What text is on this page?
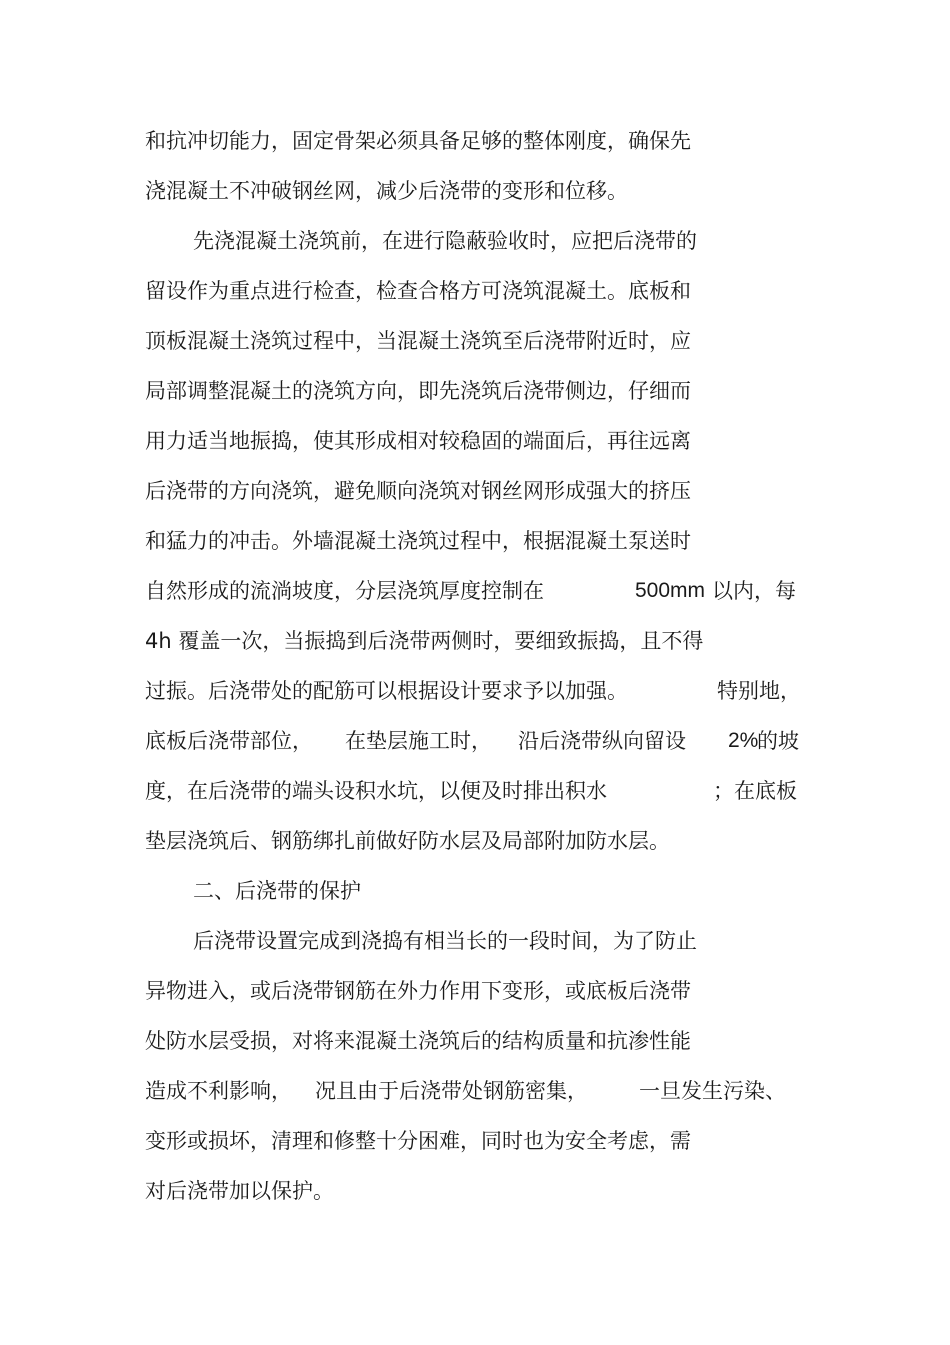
和抗冲切能力，固定骨架必须具备足够的整体刚度，确保先
浇混凝土不冲破钢丝网，减少后浇带的变形和位移。
先浇混凝土浇筑前，在进行隐蔽验收时，应把后浇带的
留设作为重点进行检查，检查合格方可浇筑混凝土。底板和
顶板混凝土浇筑过程中，当混凝土浇筑至后浇带附近时，应
局部调整混凝土的浇筑方向，即先浇筑后浇带侧边，仔细而
用力适当地振捣，使其形成相对较稳固的端面后，再往远离
后浇带的方向浇筑，避免顺向浇筑对钢丝网形成强大的挤压
和猛力的冲击。外墙混凝土浇筑过程中，根据混凝土泵送时

自然形成的流淌坡度，分层浇筑厚度控制在

	500mm

以内，每

4h 覆盖一次，当振捣到后浇带两侧时，要细致振捣，且不得

过振。后浇带处的配筋可以根据设计要求予以加强。

	特别地，

底板后浇带部位，

在垫层施工时，

沿后浇带纵向留设

2%

的坡

度，在后浇带的端头设积水坑，以便及时排出积水

	；在底板

垫层浇筑后、钢筋绑扎前做好防水层及局部附加防水层。
二、后浇带的保护
后浇带设置完成到浇捣有相当长的一段时间，为了防止
异物进入，或后浇带钢筋在外力作用下变形，或底板后浇带
处防水层受损，对将来混凝土浇筑后的结构质量和抗渗性能

造成不利影响，

况且由于后浇带处钢筋密集，

一旦发生污染、

变形或损坏，清理和修整十分困难，同时也为安全考虑，需
对后浇带加以保护。
